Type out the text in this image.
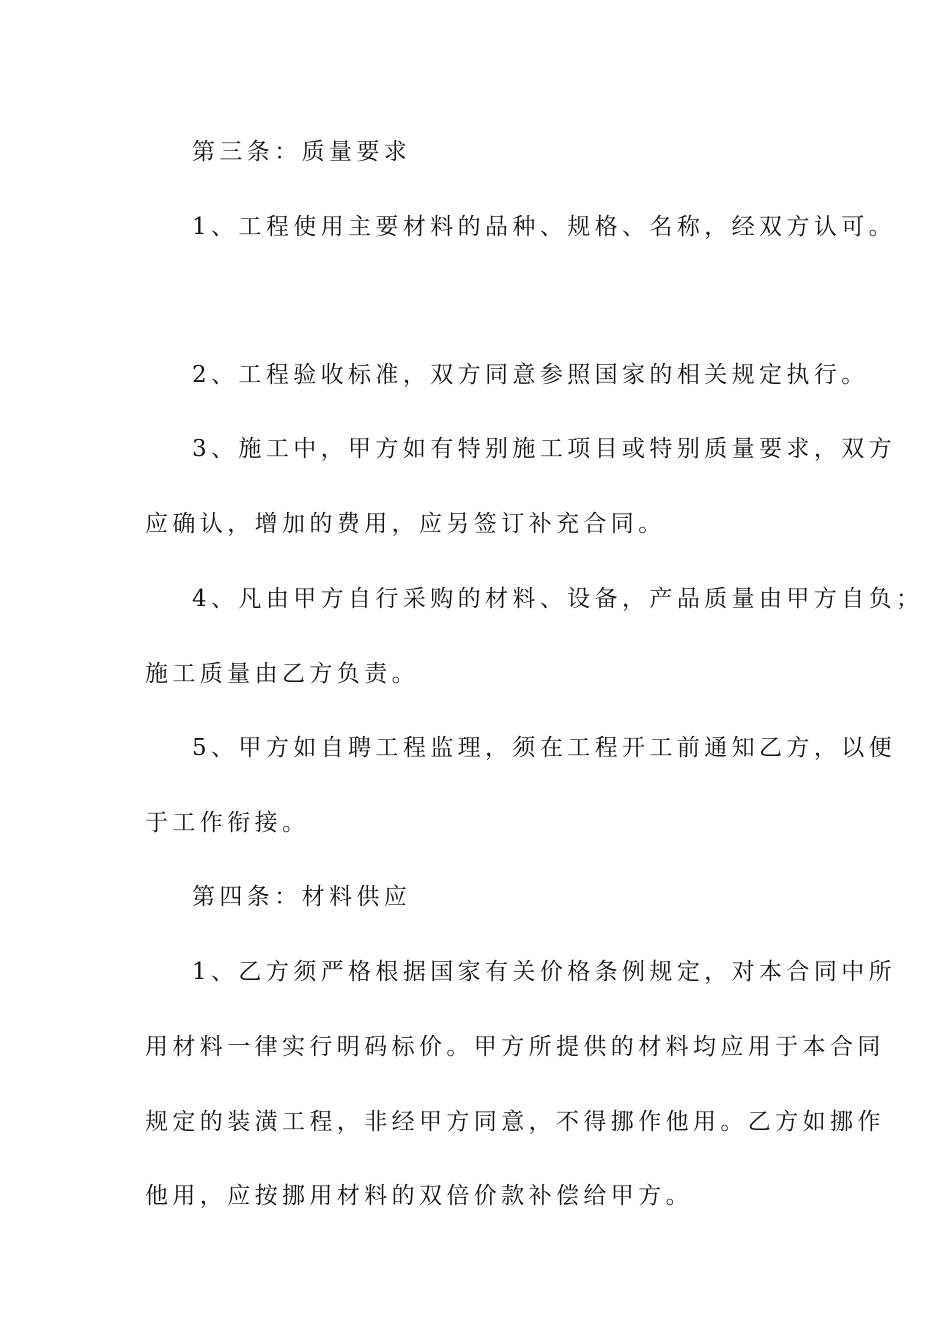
第三条：质量要求
1、工程使用主要材料的品种、规格、名称，经双方认可。
2、工程验收标准，双方同意参照国家的相关规定执行。
3、施工中，甲方如有特别施工项目或特别质量要求，双方
应确认，增加的费用，应另签订补充合同。
4、凡由甲方自行采购的材料、设备，产品质量由甲方自负；
施工质量由乙方负责。
5、甲方如自聘工程监理，须在工程开工前通知乙方，以便
于工作衔接。
第四条：材料供应
1、乙方须严格根据国家有关价格条例规定，对本合同中所
用材料一律实行明码标价。甲方所提供的材料均应用于本合同
规定的装潢工程，非经甲方同意，不得挪作他用。乙方如挪作
他用，应按挪用材料的双倍价款补偿给甲方。
